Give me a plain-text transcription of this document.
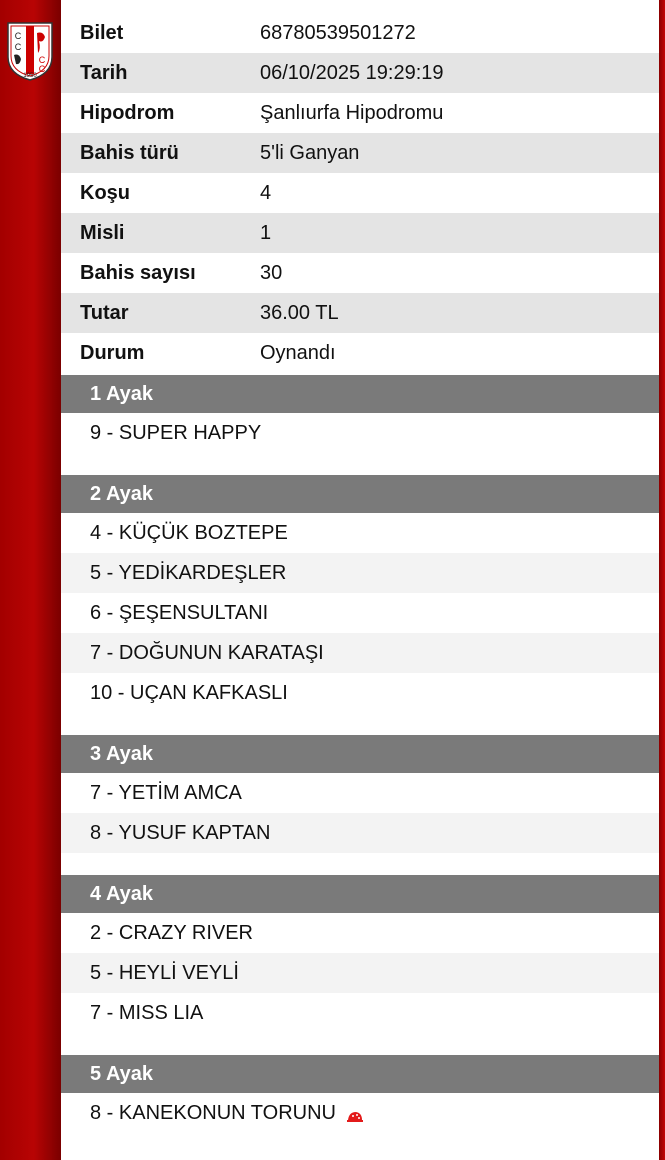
C
C
C
C
1950
Bilet	68780539501272
Tarih	06/10/2025 19:29:19
Hipodrom	Şanlıurfa Hipodromu
Bahis türü	5'li Ganyan
Koşu	4
Misli	1
Bahis sayısı	30
Tutar	36.00 TL
Durum	Oynandı
1 Ayak
9 - SUPER HAPPY
2 Ayak
4 - KÜÇÜK BOZTEPE
5 - YEDİKARDEŞLER
6 - ŞEŞENSULTANI
7 - DOĞUNUN KARATAŞI
10 - UÇAN KAFKASLI
3 Ayak
7 - YETİM AMCA
8 - YUSUF KAPTAN
4 Ayak
2 - CRAZY RIVER
5 - HEYLİ VEYLİ
7 - MISS LIA
5 Ayak
8 - KANEKONUN TORUNU
